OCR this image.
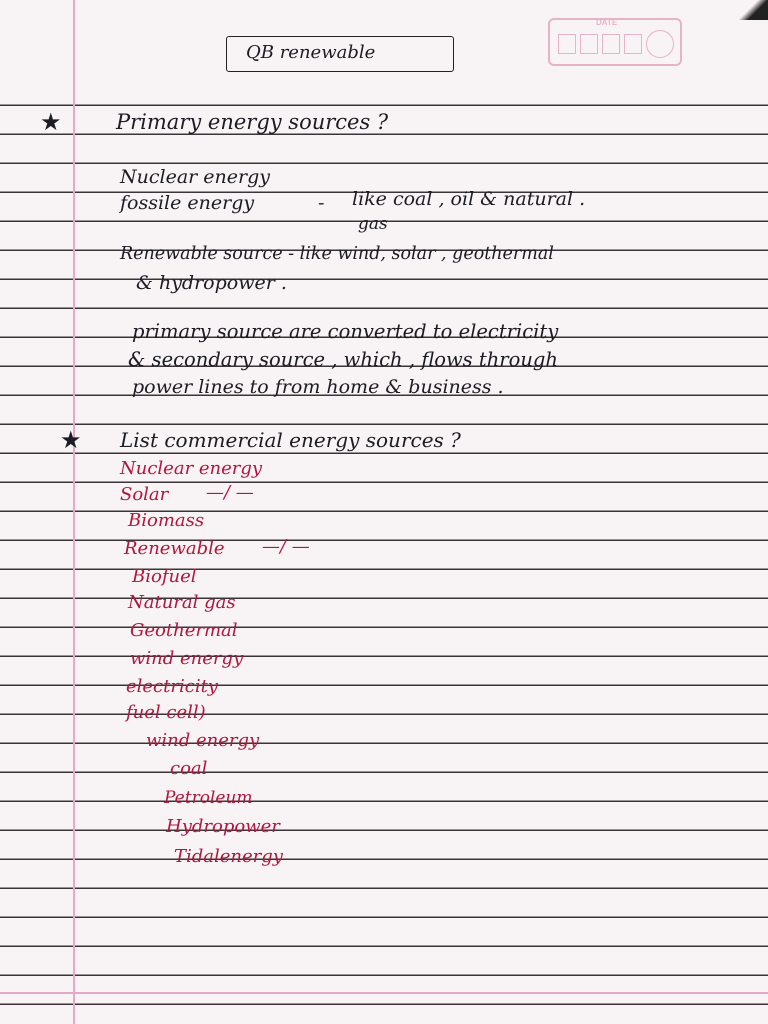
DATE
QB renewable
★	Primary energy sources ?
Nuclear energy
fossile energy	- like coal , oil & natural .
gas
Renewable source - like wind, solar , geothermal
& hydropower .
primary source are converted to electricity
& secondary source , which , flows through
power lines to from home & business .
★ List commercial energy sources ?
Nuclear energy
Solar —/ —
Biomass
Renewable —/ —
Biofuel
Natural gas
Geothermal
wind energy
electricity
fuel cell)
wind energy
coal
Petroleum
Hydropower
Tidalenergy
